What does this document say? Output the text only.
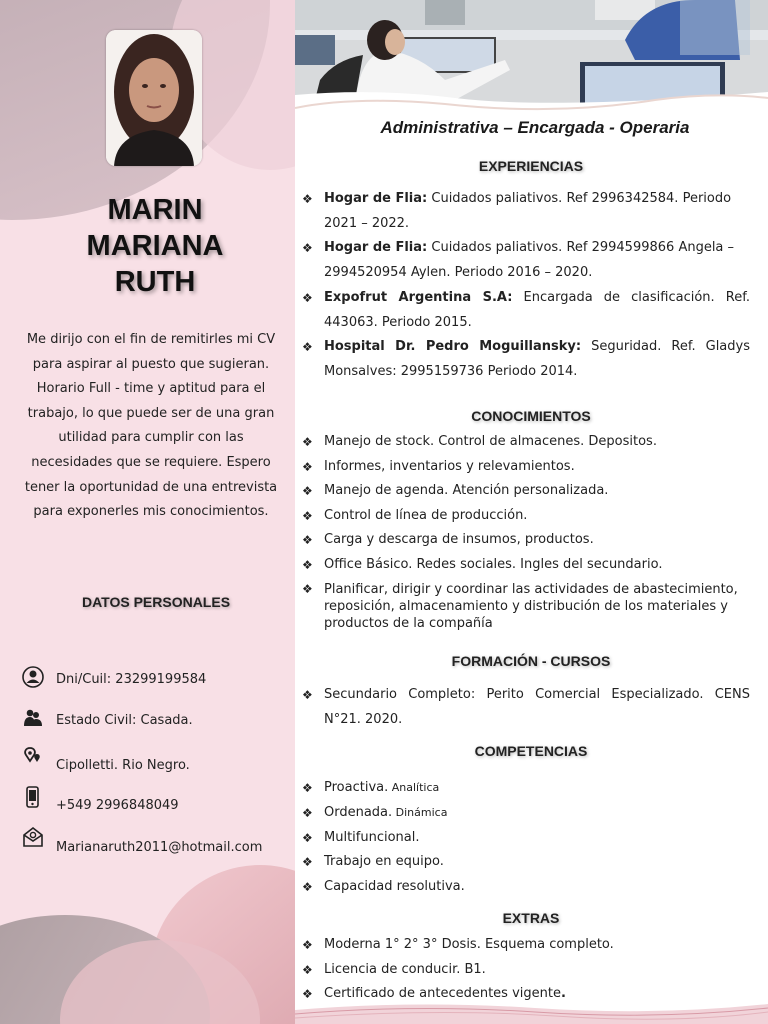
MARIN
MARIANA
RUTH
Me dirijo con el fin de remitirles mi CV para aspirar al puesto que sugieran. Horario Full - time y aptitud para el trabajo, lo que puede ser de una gran utilidad para cumplir con las necesidades que se requiere. Espero tener la oportunidad de una entrevista para exponerles mis conocimientos.
DATOS PERSONALES
Dni/Cuil: 23299199584
Estado Civil: Casada.
Cipolletti. Rio Negro.
+549 2996848049
Marianaruth2011@hotmail.com
Administrativa – Encargada - Operaria
EXPERIENCIAS
❖ Hogar de Flia: Cuidados paliativos. Ref 2996342584. Periodo 2021 – 2022.
❖ Hogar de Flia: Cuidados paliativos. Ref 2994599866 Angela – 2994520954 Aylen. Periodo 2016 – 2020.
❖ Expofrut Argentina S.A: Encargada de clasificación. Ref. 443063. Periodo 2015.
❖ Hospital Dr. Pedro Moguillansky: Seguridad. Ref. Gladys Monsalves: 2995159736 Periodo 2014.
CONOCIMIENTOS
❖ Manejo de stock. Control de almacenes. Depositos.
❖ Informes, inventarios y relevamientos.
❖ Manejo de agenda. Atención personalizada.
❖ Control de línea de producción.
❖ Carga y descarga de insumos, productos.
❖ Office Básico. Redes sociales. Ingles del secundario.
❖ Planificar, dirigir y coordinar las actividades de abastecimiento, reposición, almacenamiento y distribución de los materiales y productos de la compañía
FORMACIÓN - CURSOS
❖ Secundario Completo: Perito Comercial Especializado. CENS N°21. 2020.
COMPETENCIAS
❖ Proactiva. Analítica
❖ Ordenada. Dinámica
❖ Multifuncional.
❖ Trabajo en equipo.
❖ Capacidad resolutiva.
EXTRAS
❖ Moderna 1° 2° 3° Dosis. Esquema completo.
❖ Licencia de conducir. B1.
❖ Certificado de antecedentes vigente.
